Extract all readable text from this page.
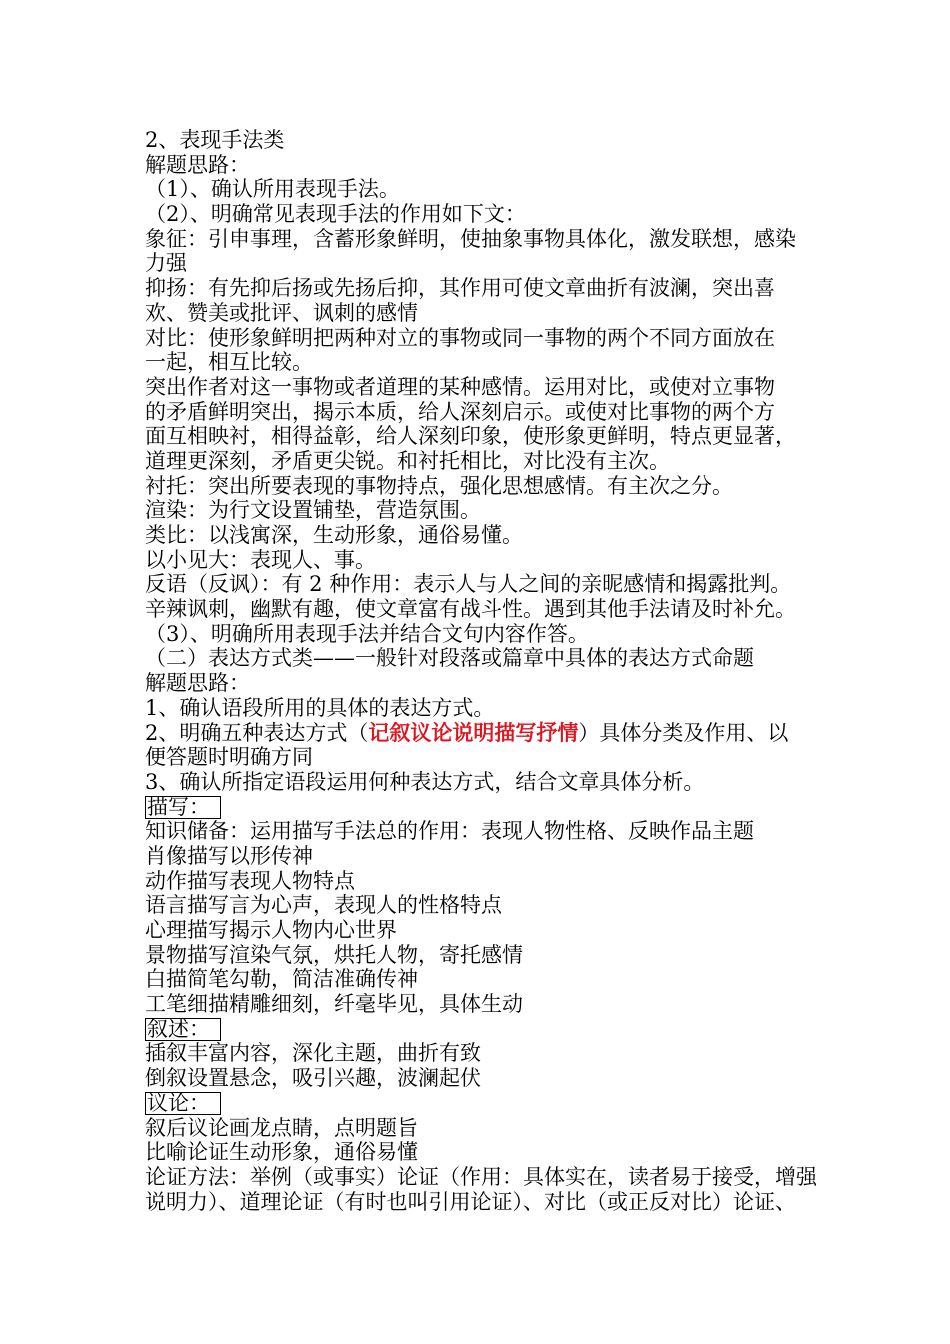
2、表现手法类
解题思路：
（1）、确认所用表现手法。
（2）、明确常见表现手法的作用如下文：
象征：引申事理，含蓄形象鲜明，使抽象事物具体化，激发联想，感染
力强
抑扬：有先抑后扬或先扬后抑，其作用可使文章曲折有波澜，突出喜
欢、赞美或批评、讽刺的感情
对比：使形象鲜明把两种对立的事物或同一事物的两个不同方面放在
一起，相互比较。
突出作者对这一事物或者道理的某种感情。运用对比，或使对立事物
的矛盾鲜明突出，揭示本质，给人深刻启示。或使对比事物的两个方
面互相映衬，相得益彰，给人深刻印象，使形象更鲜明，特点更显著，
道理更深刻，矛盾更尖锐。和衬托相比，对比没有主次。
衬托：突出所要表现的事物持点，强化思想感情。有主次之分。
渲染：为行文设置铺垫，营造氛围。
类比：以浅寓深，生动形象，通俗易懂。
以小见大：表现人、事。
反语（反讽）：有 2 种作用：表示人与人之间的亲昵感情和揭露批判。
辛辣讽刺，幽默有趣，使文章富有战斗性。遇到其他手法请及时补允。
（3）、明确所用表现手法并结合文句内容作答。
（二）表达方式类——一般针对段落或篇章中具体的表达方式命题
解题思路：
1、确认语段所用的具体的表达方式。
2、明确五种表达方式（记叙议论说明描写抒情）具体分类及作用、以
便答题时明确方同
3、确认所指定语段运用何种表达方式，结合文章具体分析。
描写：
知识储备：运用描写手法总的作用：表现人物性格、反映作品主题
肖像描写以形传神
动作描写表现人物特点
语言描写言为心声，表现人的性格特点
心理描写揭示人物内心世界
景物描写渲染气氛，烘托人物，寄托感情
白描简笔勾勒，简洁准确传神
工笔细描精雕细刻，纤毫毕见，具体生动
叙述：
插叙丰富内容，深化主题，曲折有致
倒叙设置悬念，吸引兴趣，波澜起伏
议论：
叙后议论画龙点睛，点明题旨
比喻论证生动形象，通俗易懂
论证方法：举例（或事实）论证（作用：具体实在，读者易于接受，增强
说明力）、道理论证（有时也叫引用论证）、对比（或正反对比）论证、
